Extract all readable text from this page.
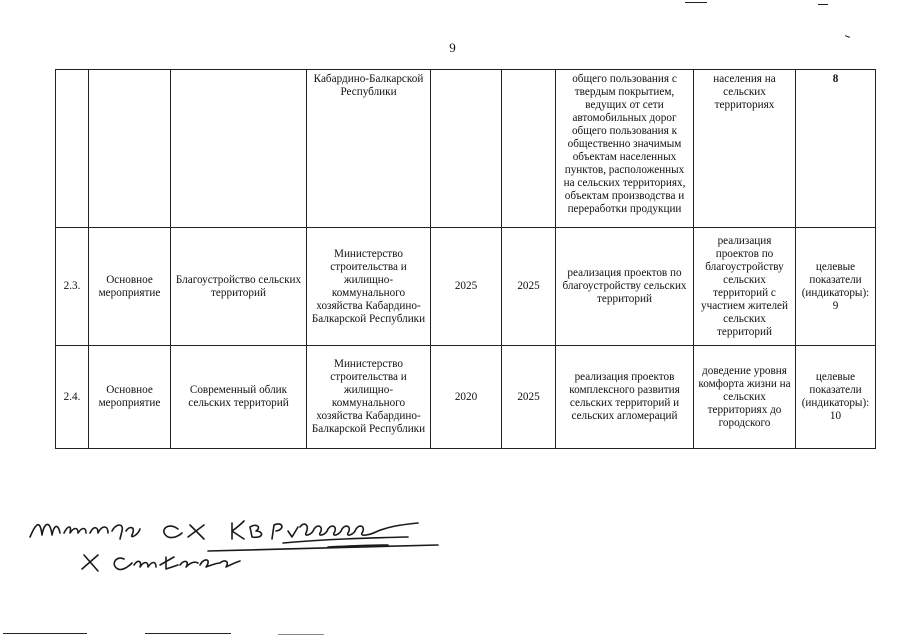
9
			Кабардино-Балкарской
Республики			общего пользования с твердым покрытием, ведущих от сети автомобильных дорог общего пользования к общественно значимым объектам населенных пунктов, расположенных на сельских территориях, объектам производства и переработки продукции	населения на сельских территориях	8
2.3.	Основное мероприятие	Благоустройство сельских территорий	Министерство строительства и жилищно-коммунального хозяйства Кабардино-Балкарской Республики	2025	2025	реализация проектов по благоустройству сельских территорий	реализация проектов по благоустройству сельских территорий с участием жителей сельских территорий	целевые показатели (индикаторы): 9
2.4.	Основное мероприятие	Современный облик сельских территорий	Министерство строительства и жилищно-коммунального хозяйства Кабардино-Балкарской Республики	2020	2025	реализация проектов комплексного развития сельских территорий и сельских агломераций	доведение уровня комфорта жизни на сельских территориях до городского	целевые показатели (индикаторы): 10
